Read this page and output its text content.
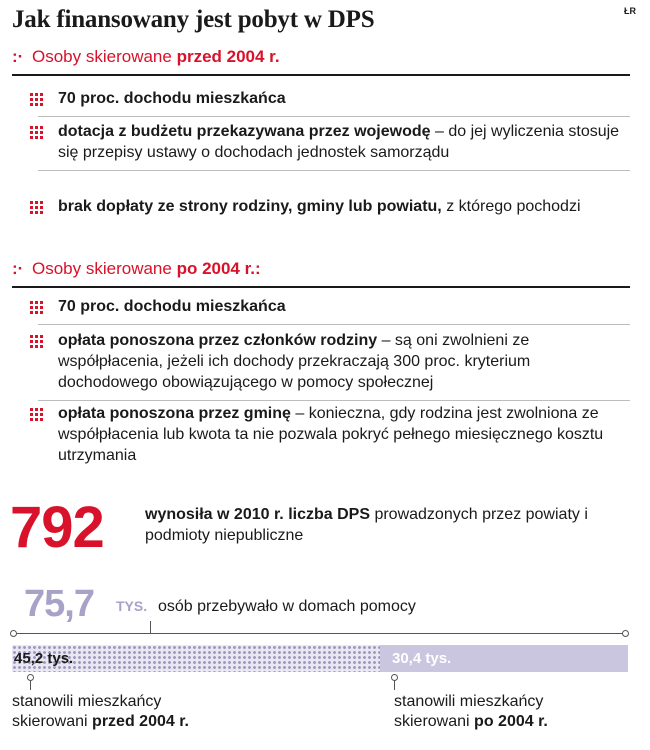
Jak finansowany jest pobyt w DPS	ŁR
:· Osoby skierowane przed 2004 r.
70 proc. dochodu mieszkańca
dotacja z budżetu przekazywana przez wojewodę – do jej wyliczenia stosuje się przepisy ustawy o dochodach jednostek samorządu
brak dopłaty ze strony rodziny, gminy lub powiatu, z którego pochodzi
:· Osoby skierowane po 2004 r.:
70 proc. dochodu mieszkańca
opłata ponoszona przez członków rodziny – są oni zwolnieni ze współpłacenia, jeżeli ich dochody przekraczają 300 proc. kryterium dochodowego obowiązującego w pomocy społecznej
opłata ponoszona przez gminę – konieczna, gdy rodzina jest zwolniona ze współpłacenia lub kwota ta nie pozwala pokryć pełnego miesięcznego kosztu utrzymania
792	wynosiła w 2010 r. liczba DPS prowadzonych przez powiaty i podmioty niepubliczne
75,7 TYS. osób przebywało w domach pomocy
45,2 tys.	30,4 tys.
stanowili mieszkańcy
skierowani przed 2004 r.
stanowili mieszkańcy
skierowani po 2004 r.
